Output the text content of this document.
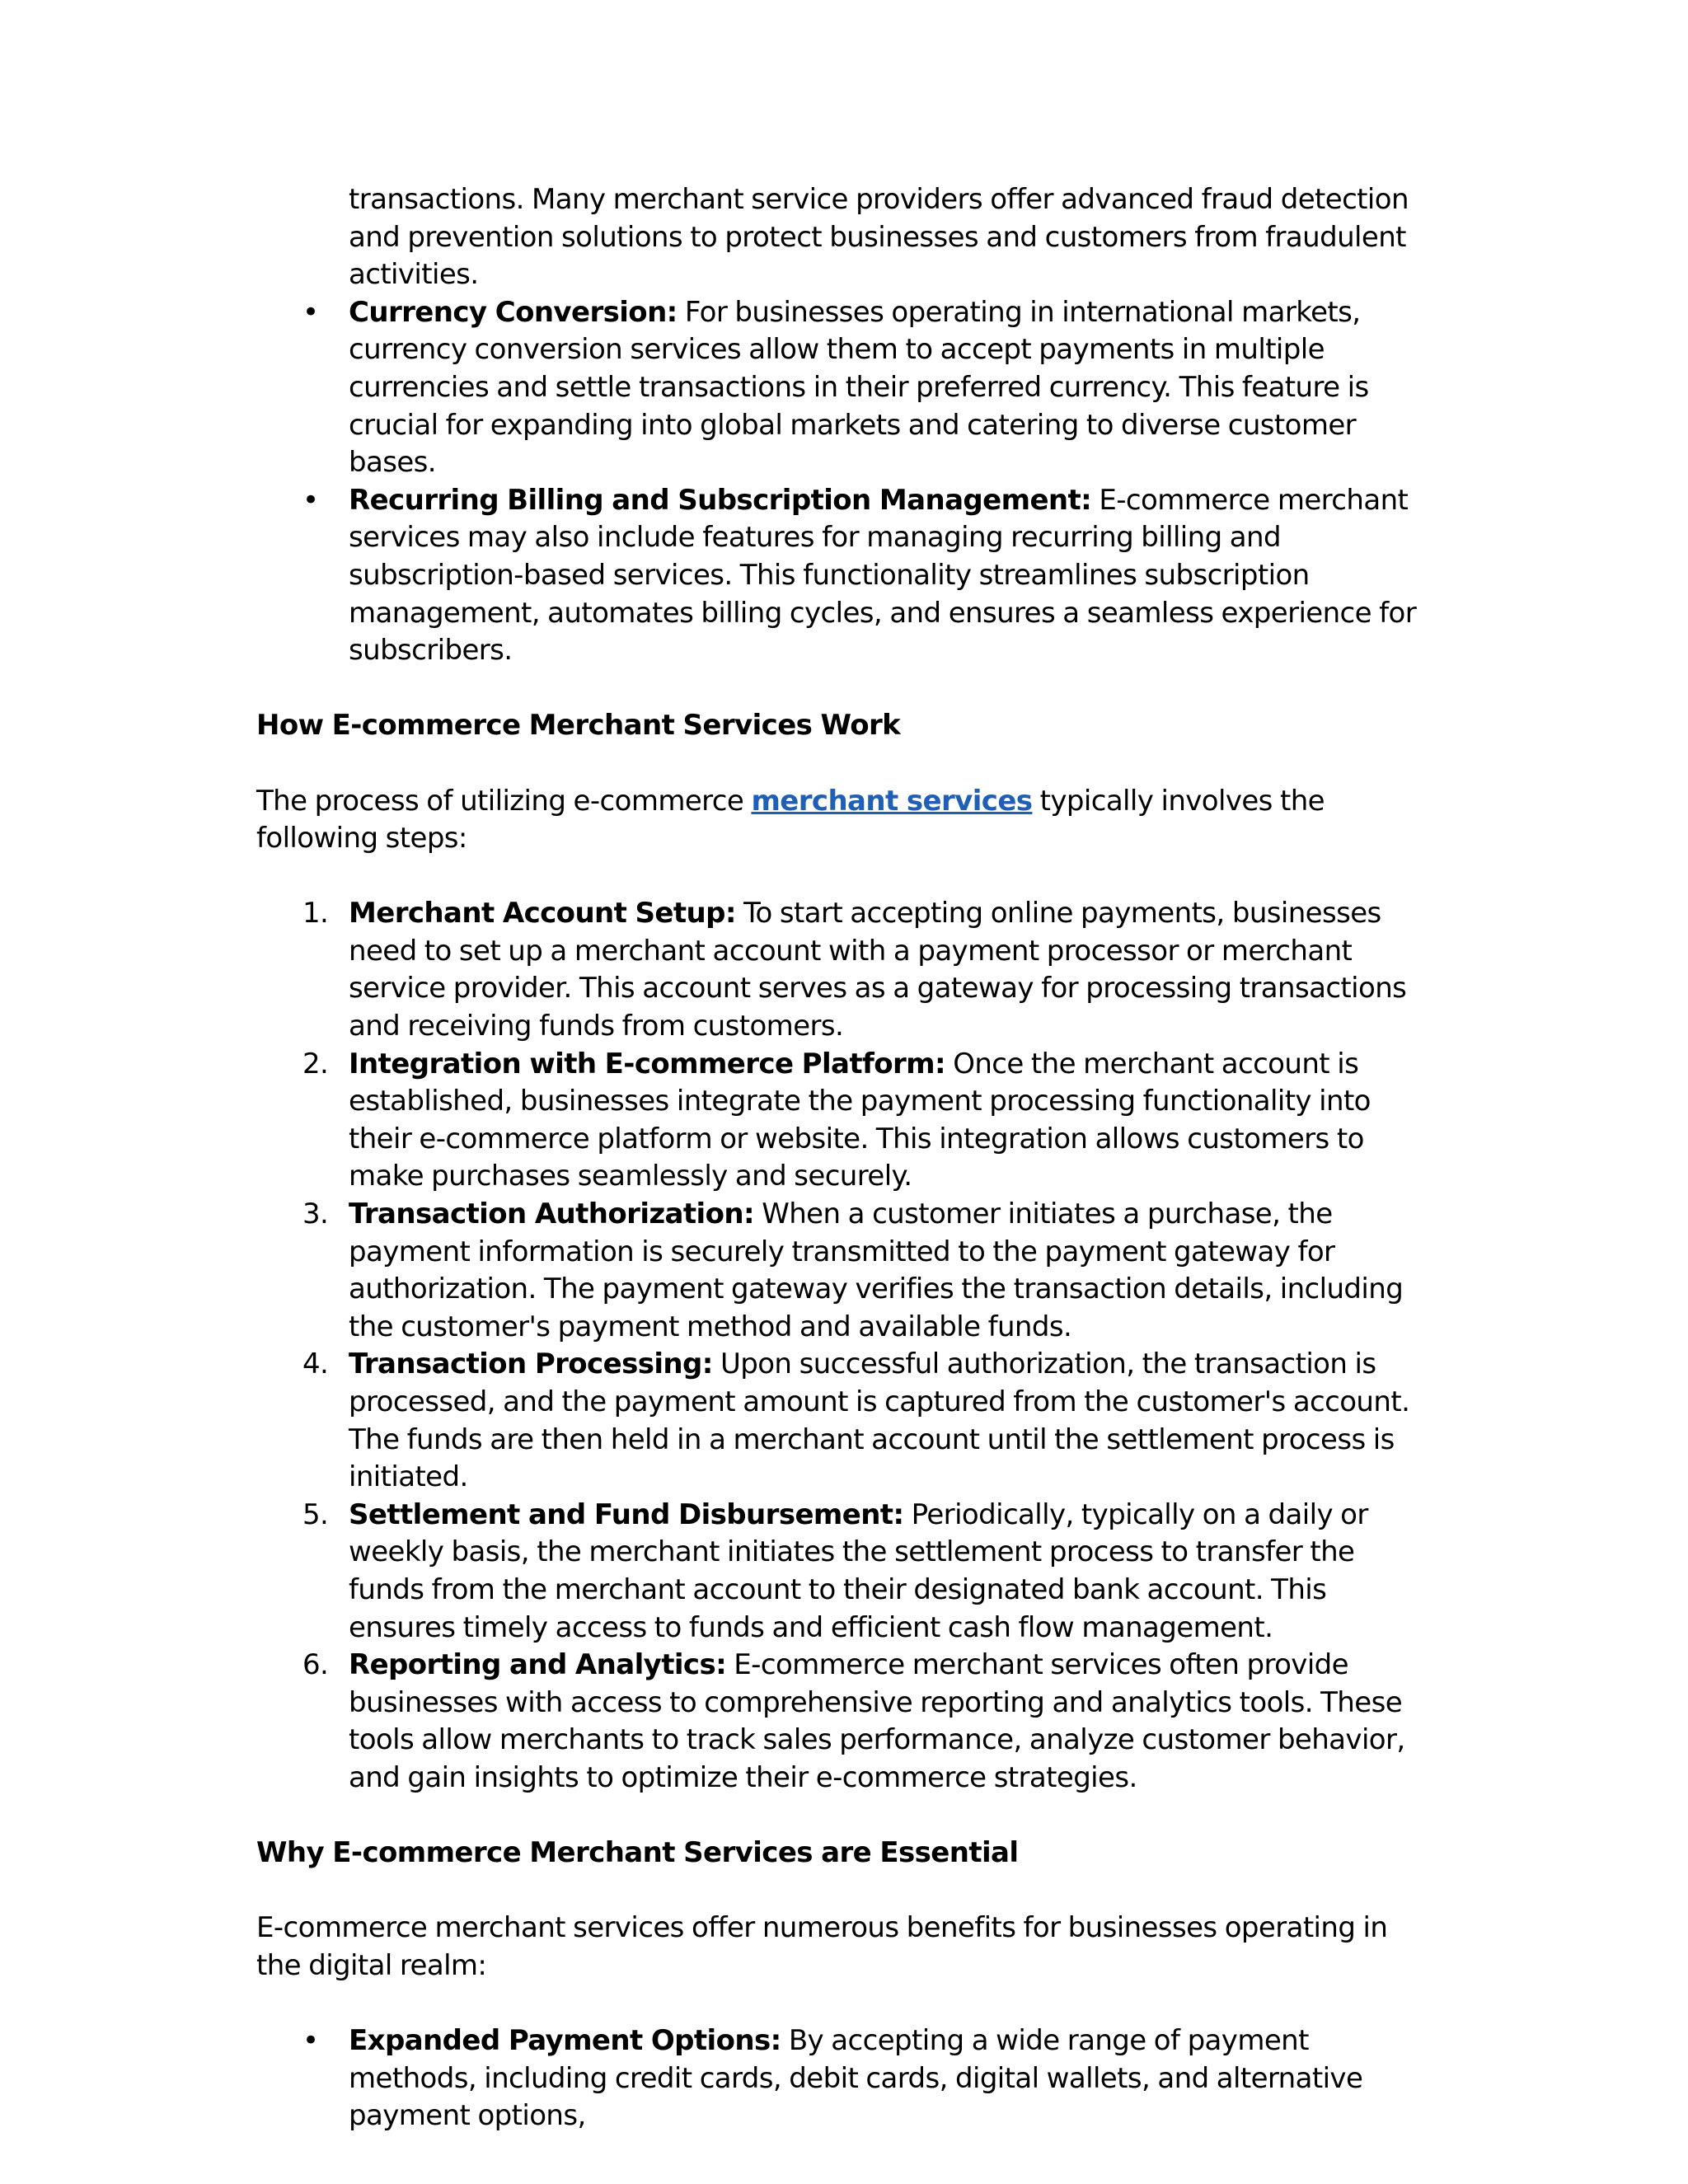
transactions. Many merchant service providers offer advanced fraud detection and prevention solutions to protect businesses and customers from fraudulent activities.

• Currency Conversion: For businesses operating in international markets, currency conversion services allow them to accept payments in multiple currencies and settle transactions in their preferred currency. This feature is crucial for expanding into global markets and catering to diverse customer bases.
• Recurring Billing and Subscription Management: E-commerce merchant services may also include features for managing recurring billing and subscription-based services. This functionality streamlines subscription management, automates billing cycles, and ensures a seamless experience for subscribers.

How E-commerce Merchant Services Work

The process of utilizing e-commerce merchant services typically involves the following steps:

1. Merchant Account Setup: To start accepting online payments, businesses need to set up a merchant account with a payment processor or merchant service provider. This account serves as a gateway for processing transactions and receiving funds from customers.
2. Integration with E-commerce Platform: Once the merchant account is established, businesses integrate the payment processing functionality into their e-commerce platform or website. This integration allows customers to make purchases seamlessly and securely.
3. Transaction Authorization: When a customer initiates a purchase, the payment information is securely transmitted to the payment gateway for authorization. The payment gateway verifies the transaction details, including the customer's payment method and available funds.
4. Transaction Processing: Upon successful authorization, the transaction is processed, and the payment amount is captured from the customer's account. The funds are then held in a merchant account until the settlement process is initiated.
5. Settlement and Fund Disbursement: Periodically, typically on a daily or weekly basis, the merchant initiates the settlement process to transfer the funds from the merchant account to their designated bank account. This ensures timely access to funds and efficient cash flow management.
6. Reporting and Analytics: E-commerce merchant services often provide businesses with access to comprehensive reporting and analytics tools. These tools allow merchants to track sales performance, analyze customer behavior, and gain insights to optimize their e-commerce strategies.

Why E-commerce Merchant Services are Essential

E-commerce merchant services offer numerous benefits for businesses operating in the digital realm:

• Expanded Payment Options: By accepting a wide range of payment methods, including credit cards, debit cards, digital wallets, and alternative payment options,
